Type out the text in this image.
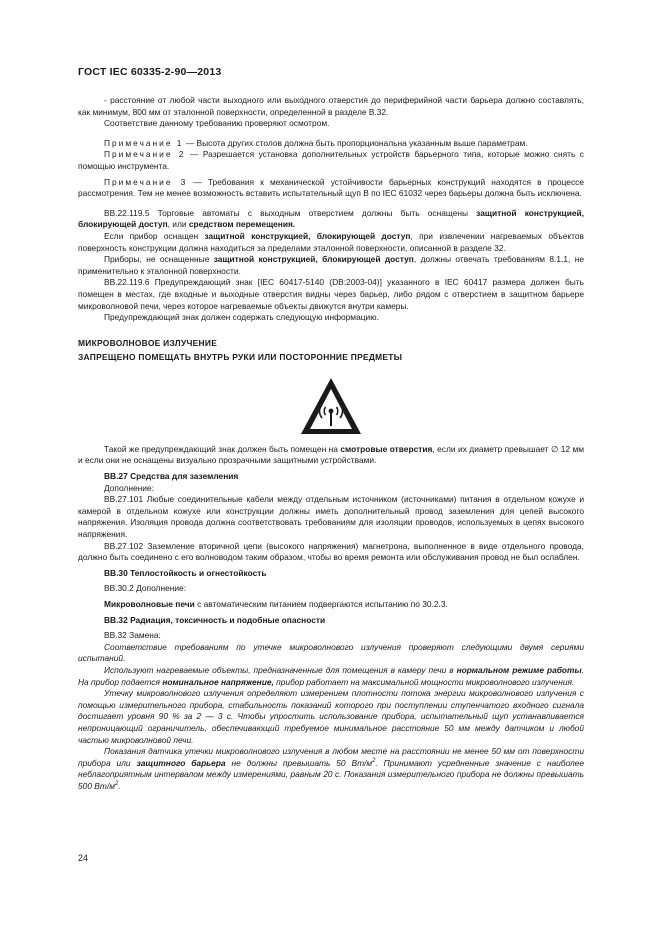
ГОСТ IEC 60335-2-90—2013

- расстояние от любой части выходного или выходного отверстия до периферийной части барьера должно составлять, как минимум, 800 мм от эталонной поверхности, определенной в разделе В.32.

Соответствие данному требованию проверяют осмотром.

Примечание 1 — Высота других столов должна быть пропорциональна указанным выше параметрам.

Примечание 2 — Разрешается установка дополнительных устройств барьерного типа, которые можно снять с помощью инструмента.

Примечание 3 — Требования к механической устойчивости барьерных конструкций находятся в процессе рассмотрения. Тем не менее возможность вставить испытательный щуп В по IEC 61032 через барьеры должна быть исключена.

ВВ.22.119.5 Торговые автоматы с выходным отверстием должны быть оснащены защитной конструкцией, блокирующей доступ, или средством перемещения.

Если прибор оснащен защитной конструкцией, блокирующей доступ, при извлечении нагреваемых объектов поверхность конструкции должна находиться за пределами эталонной поверхности, описанной в разделе 32.

Приборы, не оснащенные защитной конструкцией, блокирующей доступ, должны отвечать требованиям 8.1.1, не применительно к эталонной поверхности.

ВВ.22.119.6 Предупреждающий знак [IEC 60417-5140 (DB:2003-04)] указанного в IEC 60417 размера должен быть помещен в местах, где входные и выходные отверстия видны через барьер, либо рядом с отверстием в защитном барьере микроволновой печи, через которое нагреваемые объекты движутся внутри камеры.

Предупреждающий знак должен содержать следующую информацию.

МИКРОВОЛНОВОЕ ИЗЛУЧЕНИЕ

ЗАПРЕЩЕНО ПОМЕЩАТЬ ВНУТРЬ РУКИ ИЛИ ПОСТОРОННИЕ ПРЕДМЕТЫ

Такой же предупреждающий знак должен быть помещен на смотровые отверстия, если их диаметр превышает ∅ 12 мм и если они не оснащены визуально прозрачными защитными устройствами.

ВВ.27 Средства для заземления

Дополнение:

ВВ.27.101 Любые соединительные кабели между отдельным источником (источниками) питания в отдельном кожухе и камерой в отдельном кожухе или конструкции должны иметь дополнительный провод заземления для цепей высокого напряжения. Изоляция провода должна соответствовать требованиям для изоляции проводов, используемых в цепях высокого напряжения.

ВВ.27.102 Заземление вторичной цепи (высокого напряжения) магнетрона, выполненное в виде отдельного провода, должно быть соединено с его волноводом таким образом, чтобы во время ремонта или обслуживания провод не был ослаблен.

ВВ.30 Теплостойкость и огнестойкость

ВВ.30.2 Дополнение:

Микроволновые печи с автоматическим питанием подвергаются испытанию по 30.2.3.

ВВ.32 Радиация, токсичность и подобные опасности

ВВ.32 Замена:

Соответствие требованиям по утечке микроволнового излучения проверяют следующими двумя сериями испытаний.

Используют нагреваемые объекты, предназначенные для помещения в камеру печи в нормальном режиме работы. На прибор подается номинальное напряжение, прибор работает на максимальной мощности микроволнового излучения.

Утечку микроволнового излучения определяют измерением плотности потока энергии микроволнового излучения с помощью измерительного прибора, стабильность показаний которого при поступлении ступенчатого входного сигнала достигает уровня 90 % за 2 — 3 с. Чтобы упростить использование прибора, испытательный щуп устанавливается непроницающий ограничитель, обеспечивающий требуемое минимальное расстояние 50 мм между датчиком и любой частью микроволновой печи.

Показания датчика утечки микроволнового излучения в любом месте на расстоянии не менее 50 мм от поверхности прибора или защитного барьера не должны превышать 50 $Вт/м^2$. Принимают усредненные значение с наиболее неблагоприятным интервалом между измерениями, равным 20 с. Показания измерительного прибора не должны превышать 500 $Вт/м^2$.

24
